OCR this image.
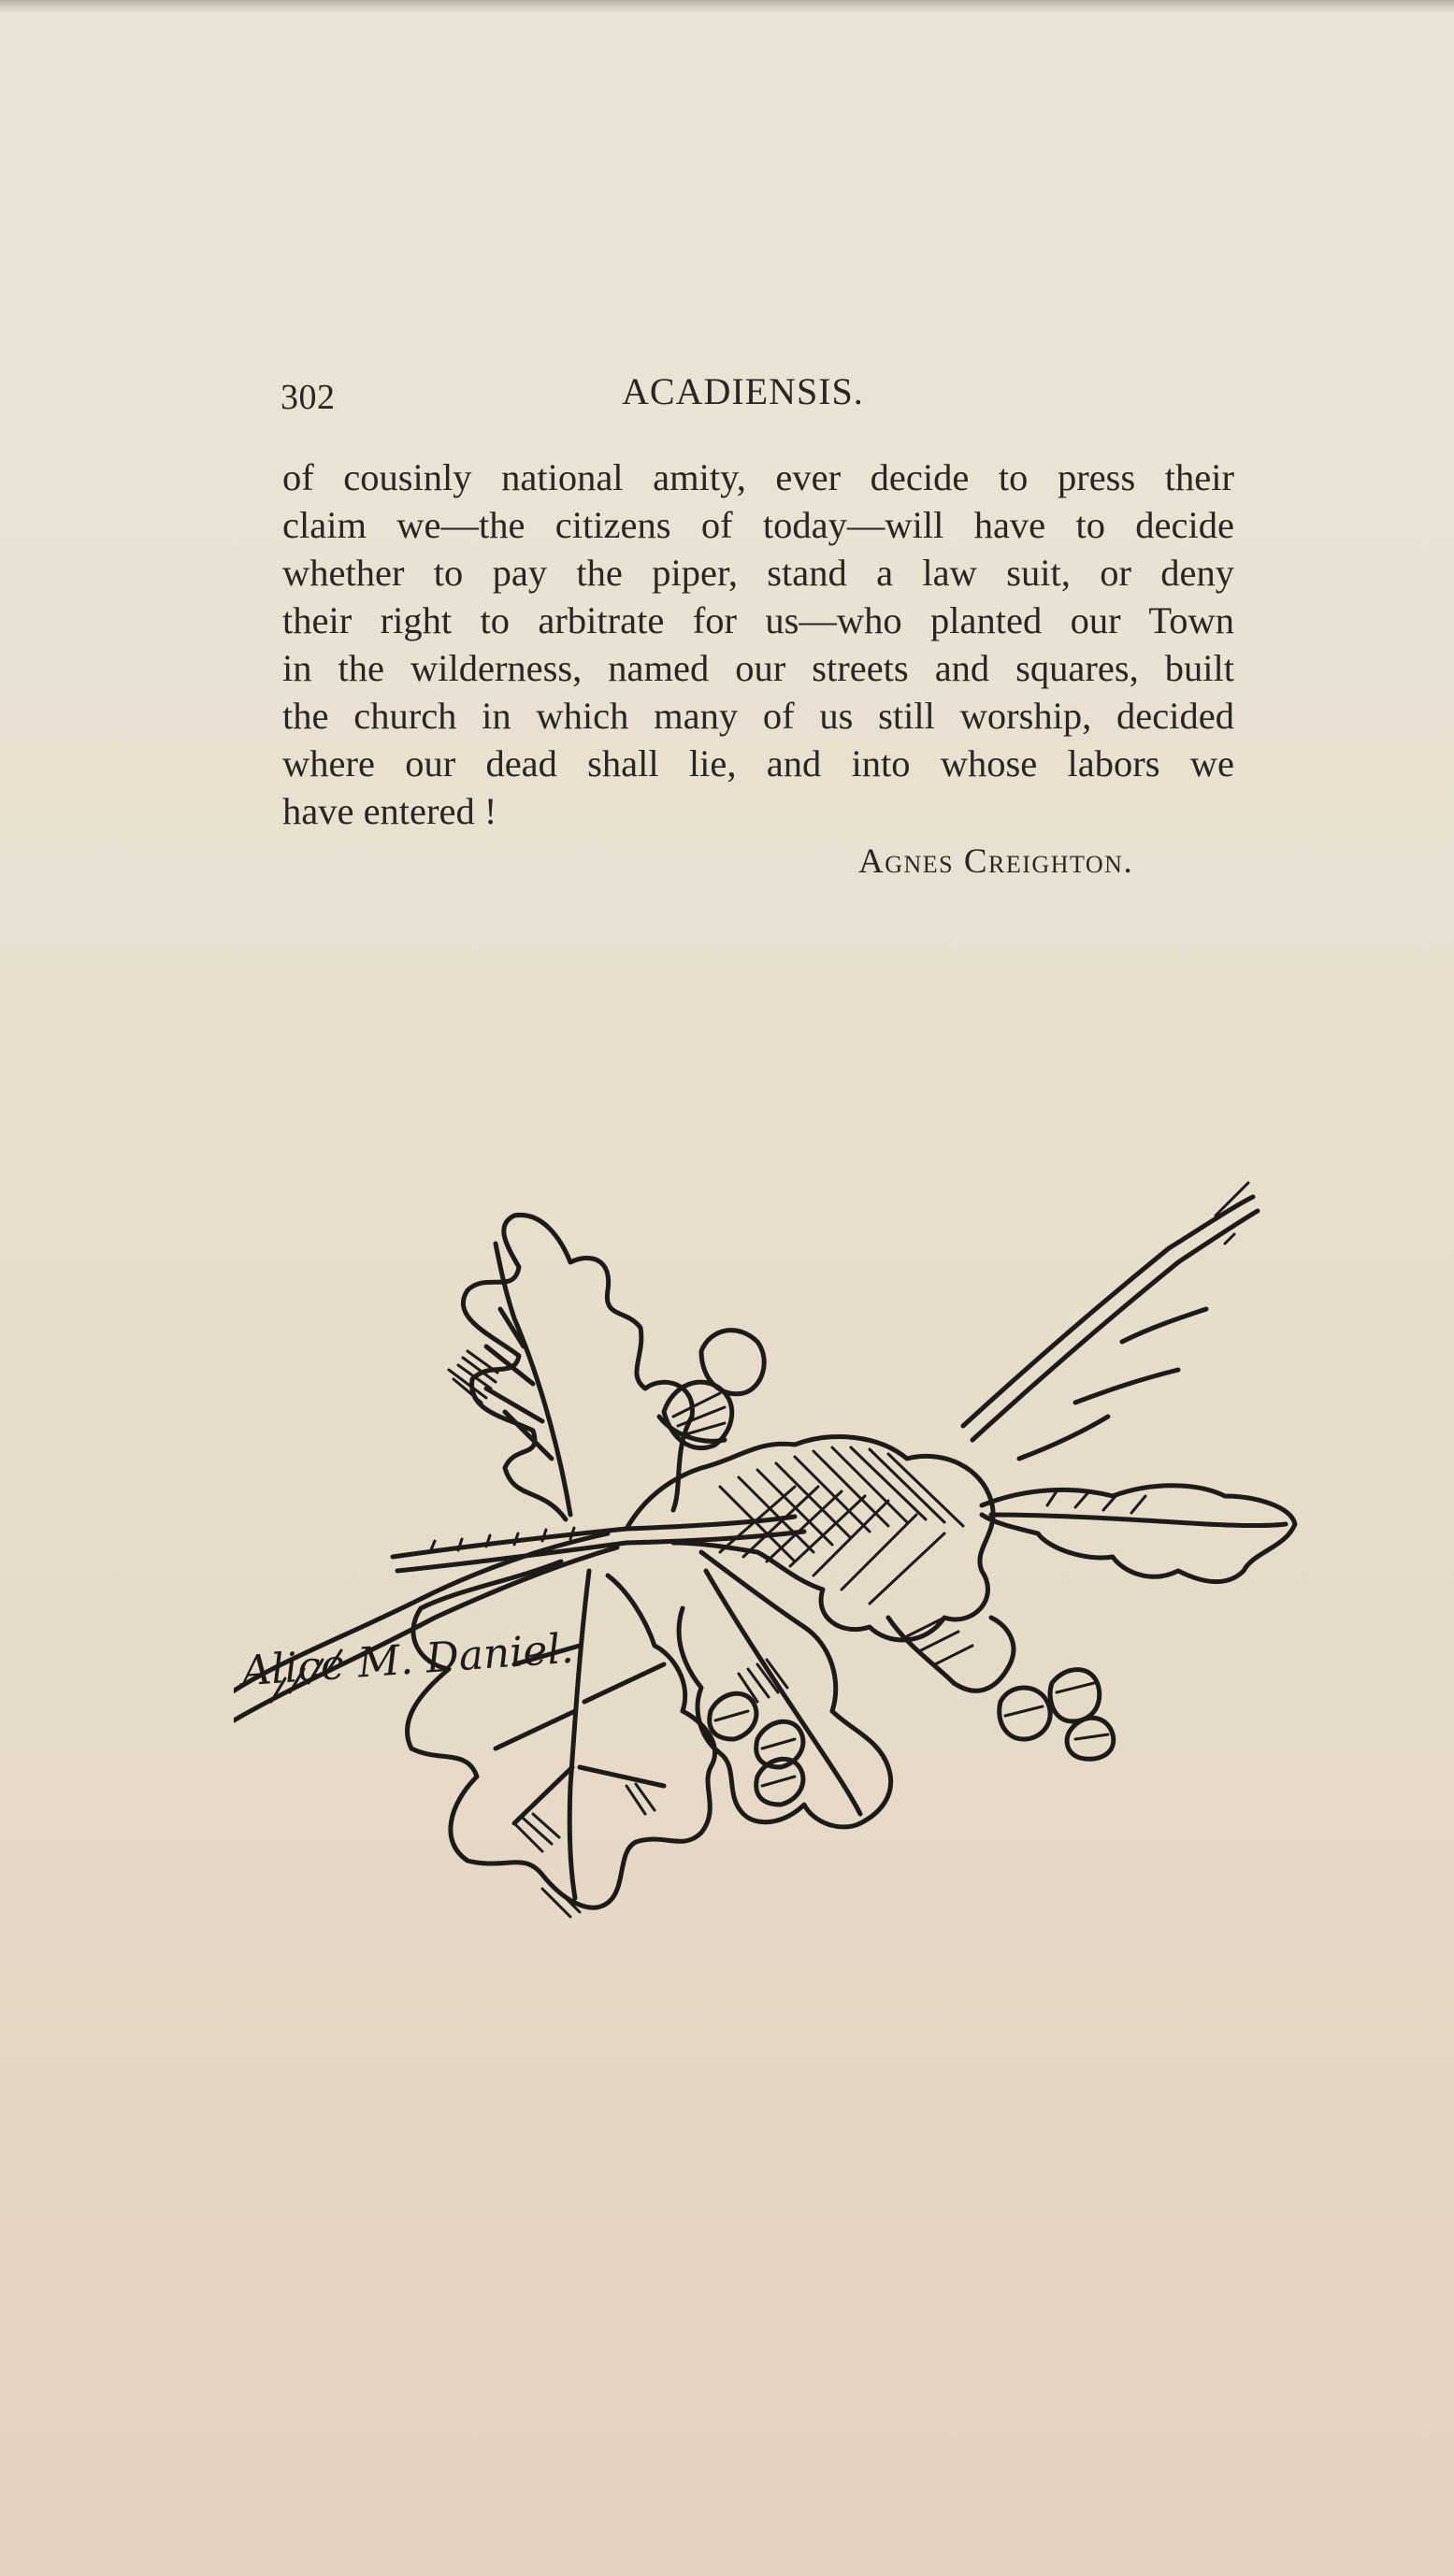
302	ACADIENSIS.
of cousinly national amity, ever decide to press their
claim we—the citizens of today—will have to decide
whether to pay the piper, stand a law suit, or deny
their right to arbitrate for us—who planted our Town
in the wilderness, named our streets and squares, built
the church in which many of us still worship, decided
where our dead shall lie, and into whose labors we
have entered !
Agnes Creighton.
Alice M. Daniel.
